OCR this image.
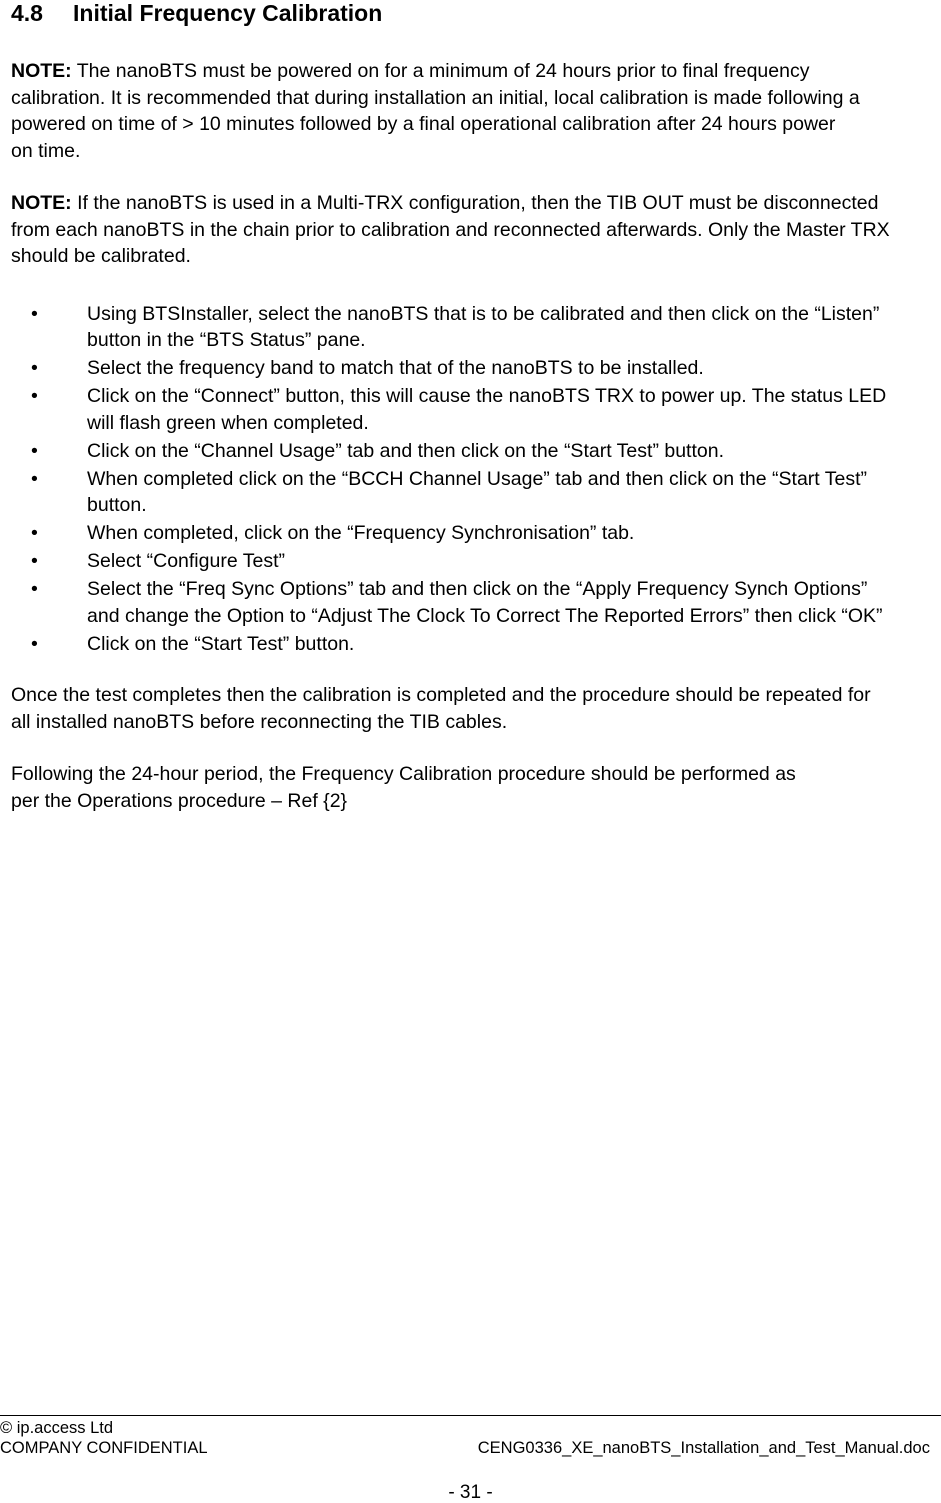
4.8 Initial Frequency Calibration

NOTE: The nanoBTS must be powered on for a minimum of 24 hours prior to final frequency calibration. It is recommended that during installation an initial, local calibration is made following a powered on time of > 10 minutes followed by a final operational calibration after 24 hours power on time.

NOTE: If the nanoBTS is used in a Multi-TRX configuration, then the TIB OUT must be disconnected from each nanoBTS in the chain prior to calibration and reconnected afterwards. Only the Master TRX should be calibrated.

•	Using BTSInstaller, select the nanoBTS that is to be calibrated and then click on the “Listen” button in the “BTS Status” pane.
•	Select the frequency band to match that of the nanoBTS to be installed.
•	Click on the “Connect” button, this will cause the nanoBTS TRX to power up. The status LED will flash green when completed.
•	Click on the “Channel Usage” tab and then click on the “Start Test” button.
•	When completed click on the “BCCH Channel Usage” tab and then click on the “Start Test” button.
•	When completed, click on the “Frequency Synchronisation” tab.
•	Select “Configure Test”
•	Select the “Freq Sync Options” tab and then click on the “Apply Frequency Synch Options” and change the Option to “Adjust The Clock To Correct The Reported Errors” then click “OK”
•	Click on the “Start Test” button.

Once the test completes then the calibration is completed and the procedure should be repeated for all installed nanoBTS before reconnecting the TIB cables.

Following the 24-hour period, the Frequency Calibration procedure should be performed as per the Operations procedure – Ref {2}

© ip.access Ltd
COMPANY CONFIDENTIAL	CENG0336_XE_nanoBTS_Installation_and_Test_Manual.doc
- 31 -
